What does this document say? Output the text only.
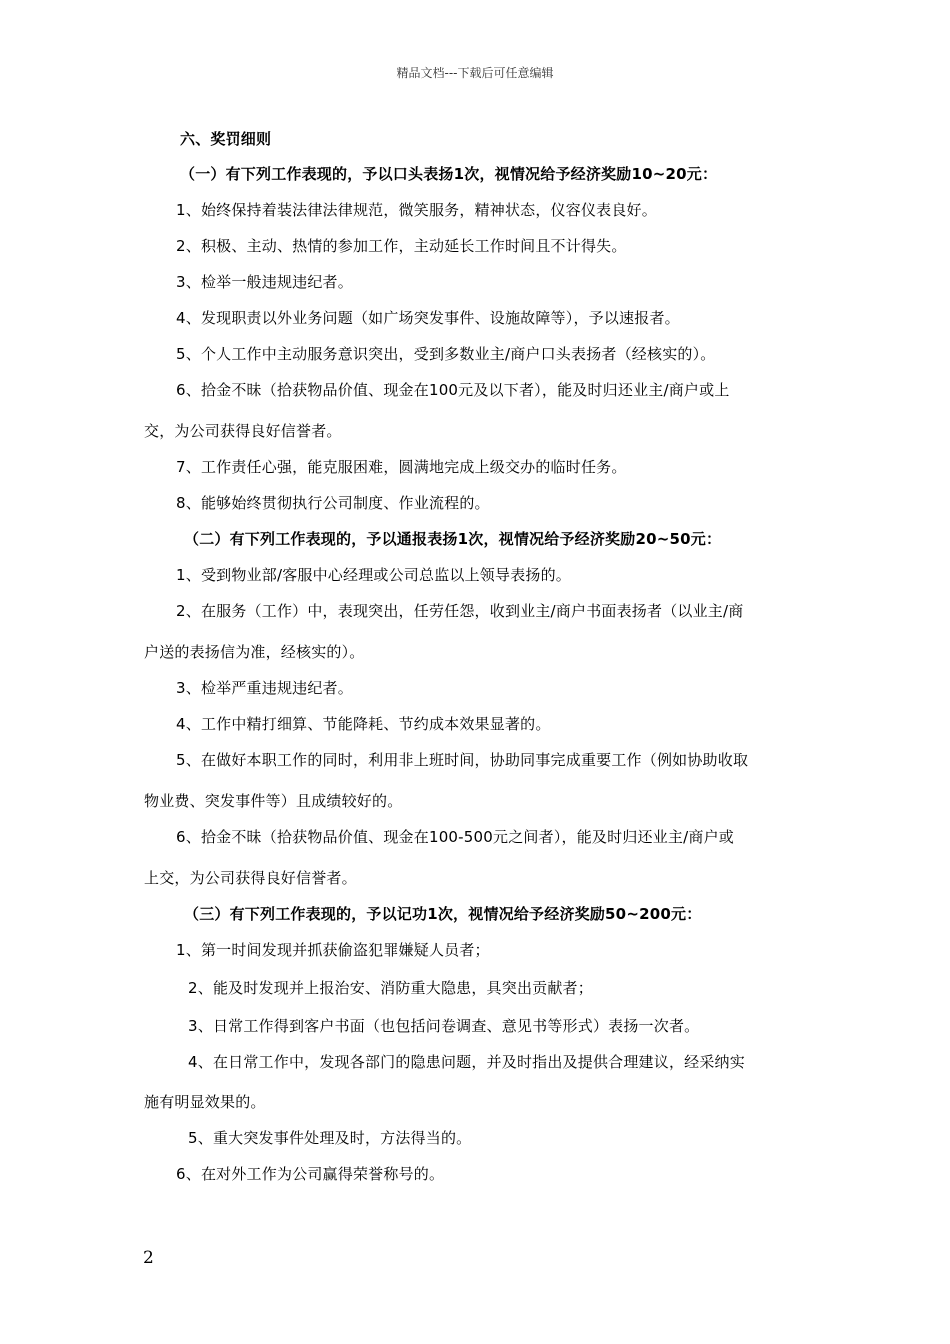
精品文档---下载后可任意编辑
六、奖罚细则
（一）有下列工作表现的，予以口头表扬1次，视情况给予经济奖励10~20元：
1、始终保持着装法律法律规范，微笑服务，精神状态，仪容仪表良好。
2、积极、主动、热情的参加工作，主动延长工作时间且不计得失。
3、检举一般违规违纪者。
4、发现职责以外业务问题（如广场突发事件、设施故障等），予以速报者。
5、个人工作中主动服务意识突出，受到多数业主/商户口头表扬者（经核实的）。
6、拾金不昧（拾获物品价值、现金在100元及以下者），能及时归还业主/商户或上
交，为公司获得良好信誉者。
7、工作责任心强，能克服困难，圆满地完成上级交办的临时任务。
8、能够始终贯彻执行公司制度、作业流程的。
（二）有下列工作表现的，予以通报表扬1次，视情况给予经济奖励20~50元：
1、受到物业部/客服中心经理或公司总监以上领导表扬的。
2、在服务（工作）中，表现突出，任劳任怨，收到业主/商户书面表扬者（以业主/商
户送的表扬信为准，经核实的）。
3、检举严重违规违纪者。
4、工作中精打细算、节能降耗、节约成本效果显著的。
5、在做好本职工作的同时，利用非上班时间，协助同事完成重要工作（例如协助收取
物业费、突发事件等）且成绩较好的。
6、拾金不昧（拾获物品价值、现金在100-500元之间者），能及时归还业主/商户或
上交，为公司获得良好信誉者。
（三）有下列工作表现的，予以记功1次，视情况给予经济奖励50~200元：
1、第一时间发现并抓获偷盗犯罪嫌疑人员者；
2、能及时发现并上报治安、消防重大隐患，具突出贡献者；
3、日常工作得到客户书面（也包括问卷调查、意见书等形式）表扬一次者。
4、在日常工作中，发现各部门的隐患问题，并及时指出及提供合理建议，经采纳实
施有明显效果的。
5、重大突发事件处理及时，方法得当的。
6、在对外工作为公司赢得荣誉称号的。
2
